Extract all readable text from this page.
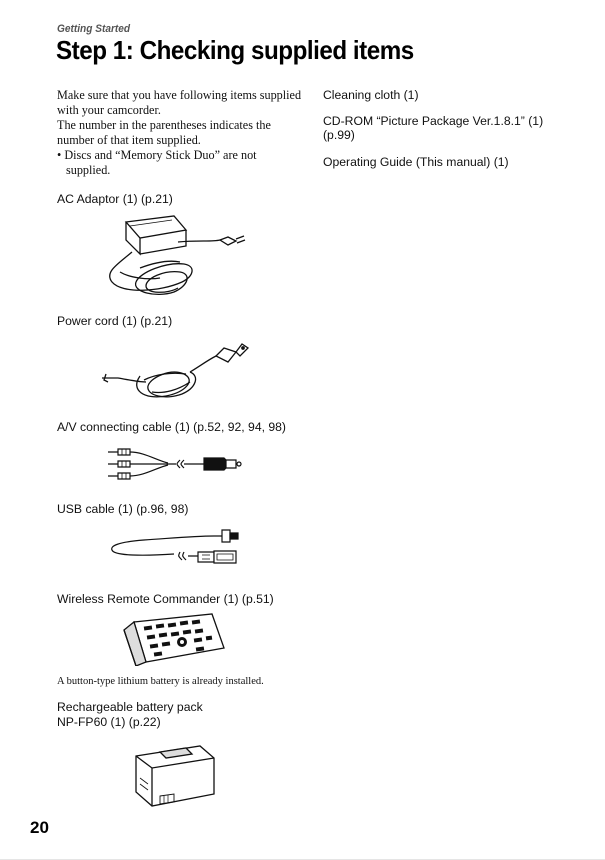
Getting Started
Step 1: Checking supplied items

Make sure that you have following items supplied with your camcorder.

The number in the parentheses indicates the number of that item supplied.

• Discs and “Memory Stick Duo” are not supplied.

AC Adaptor (1) (p.21)
Power cord (1) (p.21)
A/V connecting cable (1) (p.52, 92, 94, 98)
USB cable (1) (p.96, 98)
Wireless Remote Commander (1) (p.51)
A button-type lithium battery is already installed.
Rechargeable battery pack
NP-FP60 (1) (p.22)
Cleaning cloth (1)
CD-ROM “Picture Package Ver.1.8.1” (1) (p.99)
Operating Guide (This manual) (1)
20
